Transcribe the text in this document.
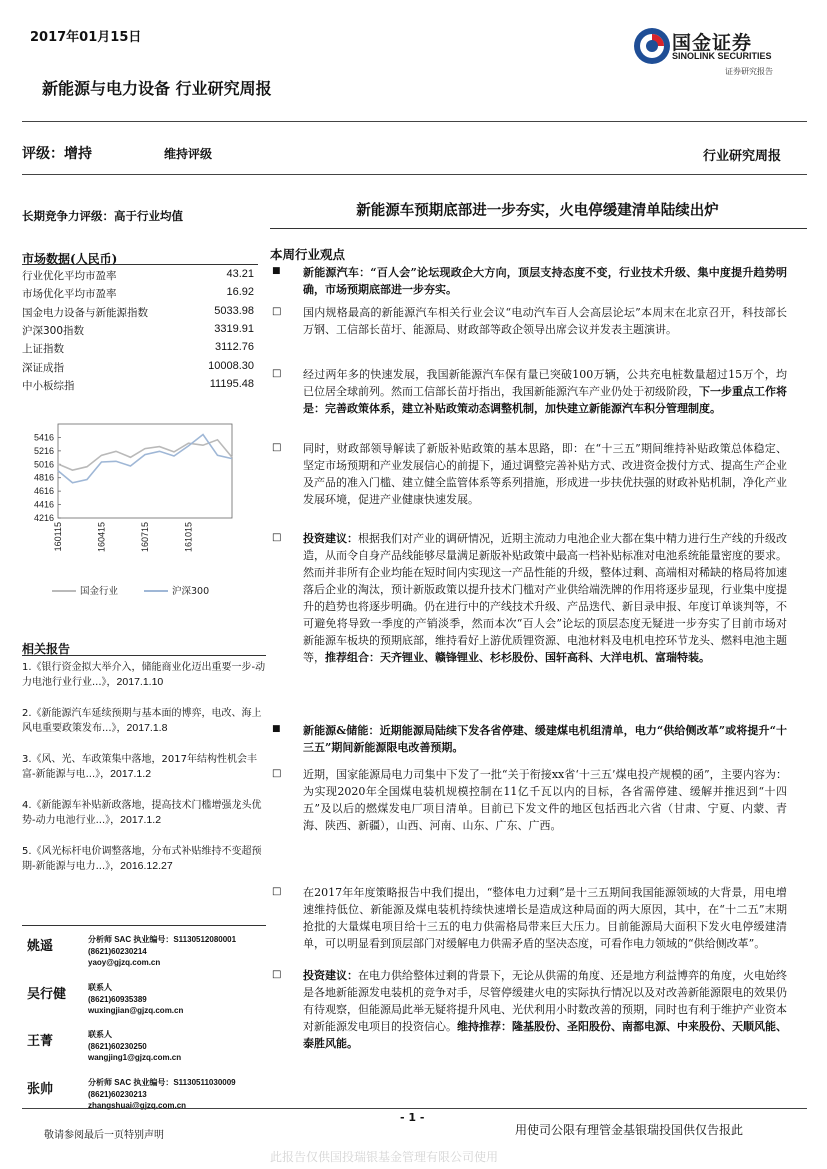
2017年01月15日
新能源与电力设备 行业研究周报
国金证券
SINOLINK SECURITIES
证券研究报告
评级：增持	维持评级	行业研究周报
长期竞争力评级：高于行业均值
市场数据(人民币)
行业优化平均市盈率	43.21
市场优化平均市盈率	16.92
国金电力设备与新能源指数	5033.98
沪深300指数	3319.91
上证指数	3112.76
深证成指	10008.30
中小板综指	11195.48
5416
5216
5016
4816
4616
4416
4216
160115	160415	160715	161015
国金行业	沪深300
相关报告
1.《银行资金拟大举介入，储能商业化迈出重要一步-动力电池行业行业...》，2017.1.10
2.《新能源汽车延续预期与基本面的博弈，电改、海上风电重要政策发布...》，2017.1.8
3.《风、光、车政策集中落地，2017年结构性机会丰富-新能源与电...》，2017.1.2
4.《新能源车补贴新政落地，提高技术门槛增强龙头优势-动力电池行业...》，2017.1.2
5.《风光标杆电价调整落地，分布式补贴维持不变超预期-新能源与电力...》，2016.12.27
姚遥	分析师 SAC 执业编号：S1130512080001
(8621)60230214
yaoy@gjzq.com.cn
吴行健	联系人
(8621)60935389
wuxingjian@gjzq.com.cn
王菁	联系人
(8621)60230250
wangjing1@gjzq.com.cn
张帅	分析师 SAC 执业编号：S1130511030009
(8621)60230213
zhangshuai@gjzq.com.cn
新能源车预期底部进一步夯实，火电停缓建清单陆续出炉
本周行业观点
■ 新能源汽车：“百人会”论坛现政企大方向，顶层支持态度不变，行业技术升级、集中度提升趋势明确，市场预期底部进一步夯实。
□ 国内规格最高的新能源汽车相关行业会议“电动汽车百人会高层论坛”本周末在北京召开，科技部长万钢、工信部长苗圩、能源局、财政部等政企领导出席会议并发表主题演讲。
□ 经过两年多的快速发展，我国新能源汽车保有量已突破100万辆，公共充电桩数量超过15万个，均已位居全球前列。然而工信部长苗圩指出，我国新能源汽车产业仍处于初级阶段，下一步重点工作将是：完善政策体系，建立补贴政策动态调整机制，加快建立新能源汽车积分管理制度。
□ 同时，财政部领导解读了新版补贴政策的基本思路，即：在“十三五”期间维持补贴政策总体稳定、坚定市场预期和产业发展信心的前提下，通过调整完善补贴方式、改进资金拨付方式、提高生产企业及产品的准入门槛、建立健全监管体系等系列措施，形成进一步扶优扶强的财政补贴机制，净化产业发展环境，促进产业健康快速发展。
□ 投资建议：根据我们对产业的调研情况，近期主流动力电池企业大都在集中精力进行生产线的升级改造，从而令自身产品线能够尽量满足新版补贴政策中最高一档补贴标准对电池系统能量密度的要求。然而并非所有企业均能在短时间内实现这一产品性能的升级，整体过剩、高端相对稀缺的格局将加速落后企业的淘汰，预计新版政策以提升技术门槛对产业供给端洗牌的作用将逐步显现，行业集中度提升的趋势也将逐步明确。仍在进行中的产线技术升级、产品迭代、新目录申报、年度订单谈判等，不可避免将导致一季度的产销淡季，然而本次“百人会”论坛的顶层态度无疑进一步夯实了目前市场对新能源车板块的预期底部，维持看好上游优质锂资源、电池材料及电机电控环节龙头、燃料电池主题等，推荐组合：天齐锂业、赣锋锂业、杉杉股份、国轩高科、大洋电机、富瑞特装。
■ 新能源&储能：近期能源局陆续下发各省停建、缓建煤电机组清单，电力“供给侧改革”或将提升“十三五”期间新能源限电改善预期。
□ 近期，国家能源局电力司集中下发了一批“关于衔接xx省‘十三五’煤电投产规模的函”，主要内容为：为实现2020年全国煤电装机规模控制在11亿千瓦以内的目标，各省需停建、缓解并推迟到“十四五”及以后的燃煤发电厂项目清单。目前已下发文件的地区包括西北六省（甘肃、宁夏、内蒙、青海、陕西、新疆），山西、河南、山东、广东、广西。
□ 在2017年年度策略报告中我们提出，“整体电力过剩”是十三五期间我国能源领域的大背景，用电增速维持低位、新能源及煤电装机持续快速增长是造成这种局面的两大原因，其中，在“十二五”末期抢批的大量煤电项目给十三五的电力供需格局带来巨大压力。目前能源局大面积下发火电停缓建清单，可以明显看到顶层部门对缓解电力供需矛盾的坚决态度，可看作电力领域的“供给侧改革”。
□ 投资建议：在电力供给整体过剩的背景下，无论从供需的角度、还是地方利益博弈的角度，火电始终是各地新能源发电装机的竞争对手，尽管停缓建火电的实际执行情况以及对改善新能源限电的效果仍有待观察，但能源局此举无疑将提升风电、光伏利用小时数改善的预期，同时也有利于维护产业资本对新能源发电项目的投资信心。维持推荐：隆基股份、圣阳股份、南都电源、中来股份、天顺风能、泰胜风能。
- 1 -
敬请参阅最后一页特别声明	用使司公限有理管金基银瑞投国供仅告报此
此报告仅供国投瑞银基金管理有限公司使用
